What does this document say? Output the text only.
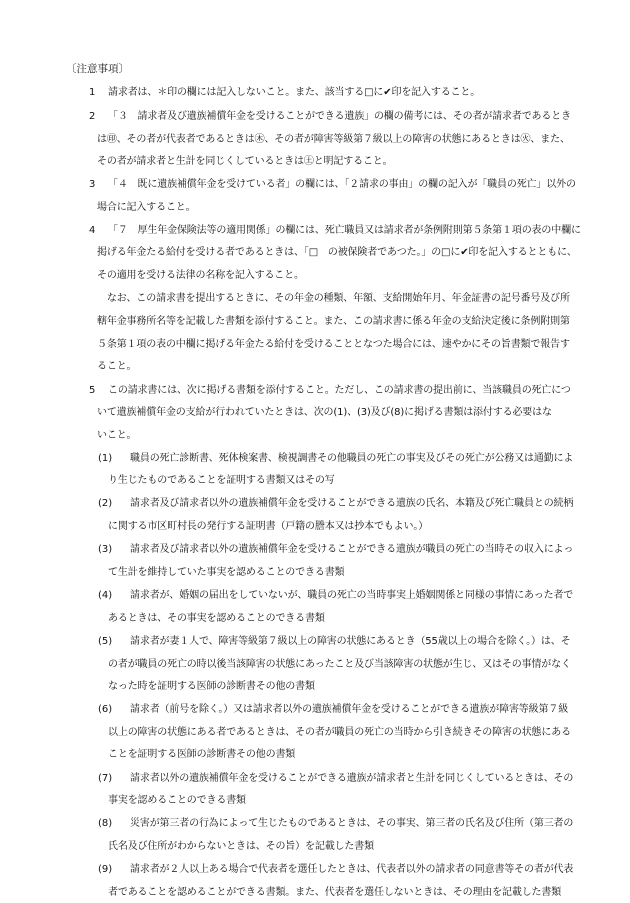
〔注意事項〕
1 請求者は、＊印の欄には記入しないこと。また、該当する□に✔印を記入すること。
2 「３　請求者及び遺族補償年金を受けることができる遺族」の欄の備考には、その者が請求者であるとき
は㊞、その者が代表者であるときは㊍、その者が障害等級第７級以上の障害の状態にあるときは㊋、また、
その者が請求者と生計を同じくしているときは㊏と明記すること。
3 「４　既に遺族補償年金を受けている者」の欄には、「２請求の事由」の欄の記入が「職員の死亡」以外の
場合に記入すること。
4 「７　厚生年金保険法等の適用関係」の欄には、死亡職員又は請求者が条例附則第５条第１項の表の中欄に
掲げる年金たる給付を受ける者であるときは、「□　の被保険者であつた。」の□に✔印を記入するとともに、
その適用を受ける法律の名称を記入すること。
　なお、この請求書を提出するときに、その年金の種類、年額、支給開始年月、年金証書の記号番号及び所
轄年金事務所名等を記載した書類を添付すること。また、この請求書に係る年金の支給決定後に条例附則第
５条第１項の表の中欄に掲げる年金たる給付を受けることとなつた場合には、速やかにその旨書類で報告す
ること。
5 この請求書には、次に掲げる書類を添付すること。ただし、この請求書の提出前に、当該職員の死亡につ
いて遺族補償年金の支給が行われていたときは、次の(1)、(3)及び(8)に掲げる書類は添付する必要はな
いこと。
(1) 職員の死亡診断書、死体検案書、検視調書その他職員の死亡の事実及びその死亡が公務又は通勤によ
り生じたものであることを証明する書類又はその写
(2) 請求者及び請求者以外の遺族補償年金を受けることができる遺族の氏名、本籍及び死亡職員との続柄
に関する市区町村長の発行する証明書（戸籍の謄本又は抄本でもよい。）
(3) 請求者及び請求者以外の遺族補償年金を受けることができる遺族が職員の死亡の当時その収入によっ
て生計を維持していた事実を認めることのできる書類
(4) 請求者が、婚姻の届出をしていないが、職員の死亡の当時事実上婚姻関係と同様の事情にあった者で
あるときは、その事実を認めることのできる書類
(5) 請求者が妻１人で、障害等級第７級以上の障害の状態にあるとき（55歳以上の場合を除く。）は、そ
の者が職員の死亡の時以後当該障害の状態にあったこと及び当該障害の状態が生じ、又はその事情がなく
なった時を証明する医師の診断書その他の書類
(6) 請求者（前号を除く。）又は請求者以外の遺族補償年金を受けることができる遺族が障害等級第７級
以上の障害の状態にある者であるときは、その者が職員の死亡の当時から引き続きその障害の状態にある
ことを証明する医師の診断書その他の書類
(7) 請求者以外の遺族補償年金を受けることができる遺族が請求者と生計を同じくしているときは、その
事実を認めることのできる書類
(8) 災害が第三者の行為によって生じたものであるときは、その事実、第三者の氏名及び住所（第三者の
氏名及び住所がわからないときは、その旨）を記載した書類
(9) 請求者が２人以上ある場合で代表者を選任したときは、代表者以外の請求者の同意書等その者が代表
者であることを認めることができる書類。また、代表者を選任しないときは、その理由を記載した書類
